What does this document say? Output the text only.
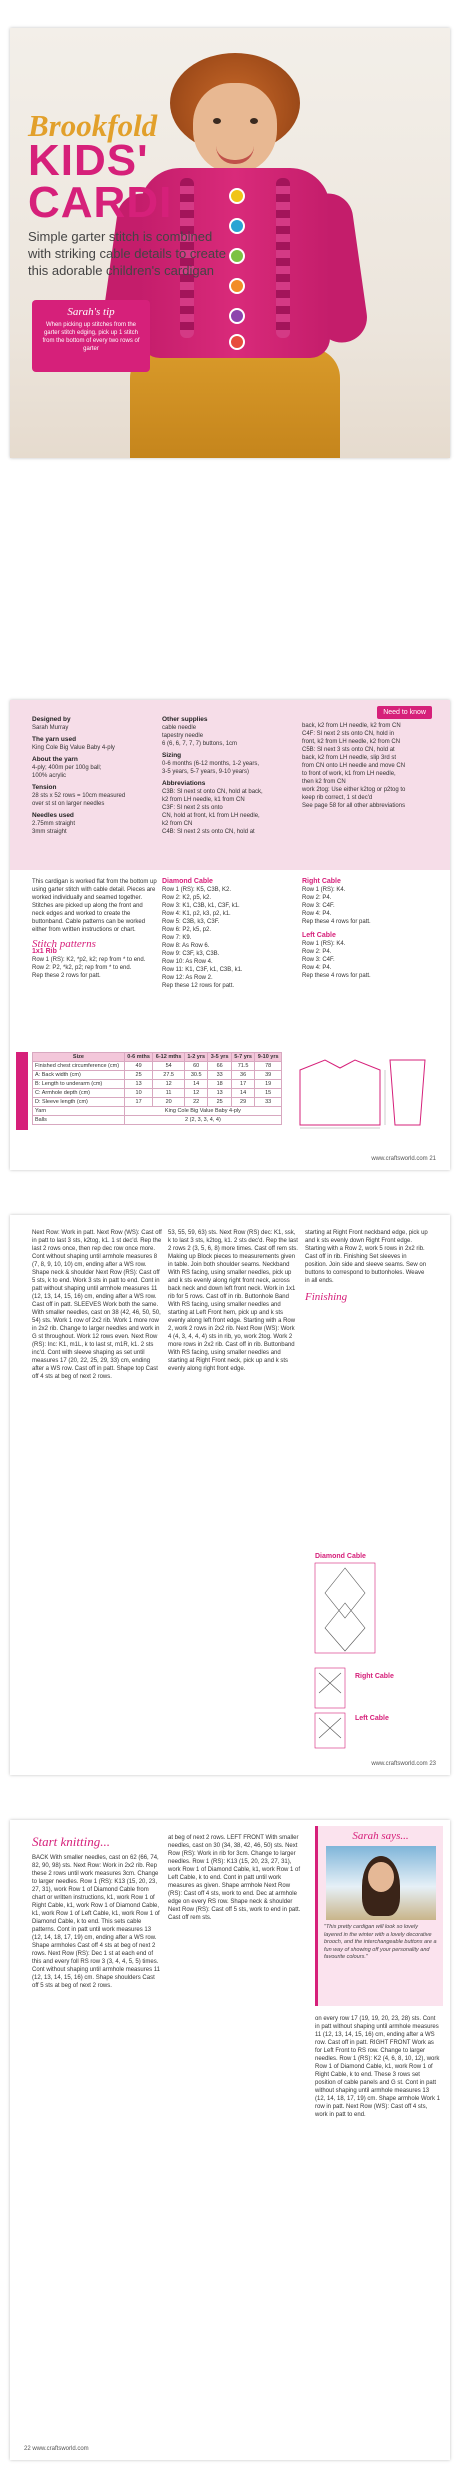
Brookfold
KIDS'
CARDI
Simple garter stitch is combined with striking cable details to create this adorable children's cardigan
Sarah's tip
When picking up stitches from the garter stitch edging, pick up 1 stitch from the bottom of every two rows of garter
Need to know
Designed by
Sarah Murray
The yarn used
King Cole Big Value Baby 4-ply
About the yarn
4-ply; 400m per 100g ball;
100% acrylic
Tension
28 sts x 52 rows = 10cm measured
over st st on larger needles
Needles used
2.75mm straight
3mm straight
Other supplies
cable needle
tapestry needle
6 (6, 6, 7, 7, 7) buttons, 1cm
Sizing
0-6 months (6-12 months, 1-2 years,
3-5 years, 5-7 years, 9-10 years)
Abbreviations
C3B: Sl next st onto CN, hold at back,
k2 from LH needle, k1 from CN
C3F: Sl next 2 sts onto
CN, hold at front, k1 from LH needle,
k2 from CN
C4B: Sl next 2 sts onto CN, hold at
back, k2 from LH needle, k2 from CN
C4F: Sl next 2 sts onto CN, hold in
front, k2 from LH needle, k2 from CN
C5B: Sl next 3 sts onto CN, hold at
back, k2 from LH needle, slip 3rd st
from CN onto LH needle and move CN
to front of work, k1 from LH needle,
then k2 from CN
work 2tog: Use either k2tog or p2tog to
keep rib correct, 1 st dec'd
See page 58 for all other abbreviations
This cardigan is worked flat from the bottom up using garter stitch with cable detail. Pieces are worked individually and seamed together. Stitches are picked up along the front and neck edges and worked to create the buttonband. Cable patterns can be worked either from written instructions or chart.
Stitch patterns
1x1 Rib
Row 1 (RS): K2, *p2, k2; rep from * to end.
Row 2: P2, *k2, p2; rep from * to end.
Rep these 2 rows for patt.
Diamond Cable
Row 1 (RS): K5, C3B, K2.
Row 2: K2, p5, k2.
Row 3: K1, C3B, k1, C3F, k1.
Row 4: K1, p2, k3, p2, k1.
Row 5: C3B, k3, C3F.
Row 6: P2, k5, p2.
Row 7: K9.
Row 8: As Row 6.
Row 9: C3F, k3, C3B.
Row 10: As Row 4.
Row 11: K1, C3F, k1, C3B, k1.
Row 12: As Row 2.
Rep these 12 rows for patt.
Right Cable
Row 1 (RS): K4.
Row 2: P4.
Row 3: C4F.
Row 4: P4.
Rep these 4 rows for patt.
Left Cable
Row 1 (RS): K4.
Row 2: P4.
Row 3: C4F.
Row 4: P4.
Rep these 4 rows for patt.
Size	0-6 mths	6-12 mths	1-2 yrs	3-5 yrs	5-7 yrs	9-10 yrs
Finished chest circumference (cm)	49	54	60	66	71.5	78
A: Back width (cm)	25	27.5	30.5	33	36	39
B: Length to underarm (cm)	13	12	14	18	17	19
C: Armhole depth (cm)	10	11	12	13	14	15
D: Sleeve length (cm)	17	20	22	25	29	33
Yarn	King Cole Big Value Baby 4-ply					
Balls	2 (2, 3, 3, 4, 4)					
www.craftsworld.com 21
Next Row: Work in patt. Next Row (WS): Cast off in patt to last 3 sts, k2tog, k1. 1 st dec'd. Rep the last 2 rows once, then rep dec row once more. Cont without shaping until armhole measures 8 (7, 8, 9, 10, 10) cm, ending after a WS row. Shape neck & shoulder Next Row (RS): Cast off 5 sts, k to end. Work 3 sts in patt to end. Cont in patt without shaping until armhole measures 11 (12, 13, 14, 15, 16) cm, ending after a WS row. Cast off in patt. SLEEVES Work both the same. With smaller needles, cast on 38 (42, 46, 50, 50, 54) sts. Work 1 row of 2x2 rib. Work 1 more row in 2x2 rib. Change to larger needles and work in G st throughout. Work 12 rows even. Next Row (RS): Inc: K1, m1L, k to last st, m1R, k1. 2 sts inc'd. Cont with sleeve shaping as set until measures 17 (20, 22, 25, 29, 33) cm, ending after a WS row. Cast off in patt. Shape top Cast off 4 sts at beg of next 2 rows.
53, 55, 59, 63) sts. Next Row (RS) dec: K1, ssk, k to last 3 sts, k2tog, k1. 2 sts dec'd. Rep the last 2 rows 2 (3, 5, 6, 8) more times. Cast off rem sts. Making up Block pieces to measurements given in table. Join both shoulder seams. Neckband With RS facing, using smaller needles, pick up and k sts evenly along right front neck, across back neck and down left front neck. Work in 1x1 rib for 5 rows. Cast off in rib. Buttonhole Band With RS facing, using smaller needles and starting at Left Front hem, pick up and k sts evenly along left front edge. Starting with a Row 2, work 2 rows in 2x2 rib. Next Row (WS): Work 4 (4, 3, 4, 4, 4) sts in rib, yo, work 2tog. Work 2 more rows in 2x2 rib. Cast off in rib. Buttonband With RS facing, using smaller needles and starting at Right Front neck, pick up and k sts evenly along right front edge.
starting at Right Front neckband edge, pick up and k sts evenly down Right Front edge. Starting with a Row 2, work 5 rows in 2x2 rib. Cast off in rib. Finishing Set sleeves in position. Join side and sleeve seams. Sew on buttons to correspond to buttonholes. Weave in all ends.
Finishing
Diamond Cable
Right Cable
Left Cable
www.craftsworld.com 23
Start knitting...
BACK With smaller needles, cast on 62 (66, 74, 82, 90, 98) sts. Next Row: Work in 2x2 rib. Rep these 2 rows until work measures 3cm. Change to larger needles. Row 1 (RS): K13 (15, 20, 23, 27, 31), work Row 1 of Diamond Cable from chart or written instructions, k1, work Row 1 of Right Cable, k1, work Row 1 of Diamond Cable, k1, work Row 1 of Left Cable, k1, work Row 1 of Diamond Cable, k to end. This sets cable patterns. Cont in patt until work measures 13 (12, 14, 18, 17, 19) cm, ending after a WS row. Shape armholes Cast off 4 sts at beg of next 2 rows. Next Row (RS): Dec 1 st at each end of this and every foll RS row 3 (3, 4, 4, 5, 5) times. Cont without shaping until armhole measures 11 (12, 13, 14, 15, 16) cm. Shape shoulders Cast off 5 sts at beg of next 2 rows.
at beg of next 2 rows. LEFT FRONT With smaller needles, cast on 30 (34, 38, 42, 46, 50) sts. Next Row (RS): Work in rib for 3cm. Change to larger needles. Row 1 (RS): K13 (15, 20, 23, 27, 31), work Row 1 of Diamond Cable, k1, work Row 1 of Left Cable, k to end. Cont in patt until work measures as given. Shape armhole Next Row (RS): Cast off 4 sts, work to end. Dec at armhole edge on every RS row. Shape neck & shoulder Next Row (RS): Cast off 5 sts, work to end in patt. Cast off rem sts.
Sarah says...
"This pretty cardigan will look so lovely layered in the winter with a lovely decorative brooch, and the interchangeable buttons are a fun way of showing off your personality and favourite colours."
on every row 17 (19, 19, 20, 23, 28) sts. Cont in patt without shaping until armhole measures 11 (12, 13, 14, 15, 16) cm, ending after a WS row. Cast off in patt. RIGHT FRONT Work as for Left Front to RS row. Change to larger needles. Row 1 (RS): K2 (4, 6, 8, 10, 12), work Row 1 of Diamond Cable, k1, work Row 1 of Right Cable, k to end. These 3 rows set position of cable panels and G st. Cont in patt without shaping until armhole measures 13 (12, 14, 18, 17, 19) cm. Shape armhole Work 1 row in patt. Next Row (WS): Cast off 4 sts, work in patt to end.
22 www.craftsworld.com
